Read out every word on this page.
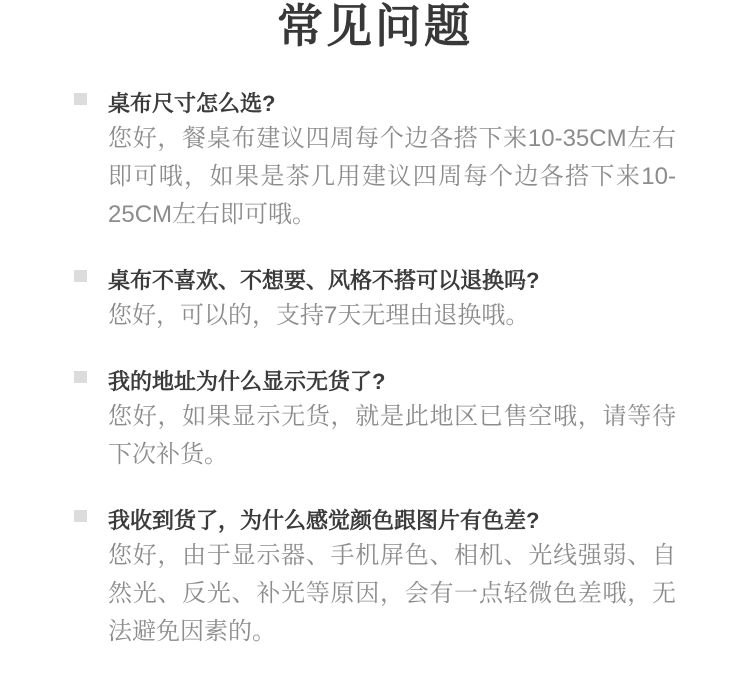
常见问题
桌布尺寸怎么选?

您好，餐桌布建议四周每个边各搭下来10-35CM左右即可哦，如果是茶几用建议四周每个边各搭下来10-25CM左右即可哦。

桌布不喜欢、不想要、风格不搭可以退换吗?

您好，可以的，支持7天无理由退换哦。

我的地址为什么显示无货了?

您好，如果显示无货，就是此地区已售空哦，请等待下次补货。

我收到货了，为什么感觉颜色跟图片有色差?

您好，由于显示器、手机屏色、相机、光线强弱、自然光、反光、补光等原因，会有一点轻微色差哦，无法避免因素的。
